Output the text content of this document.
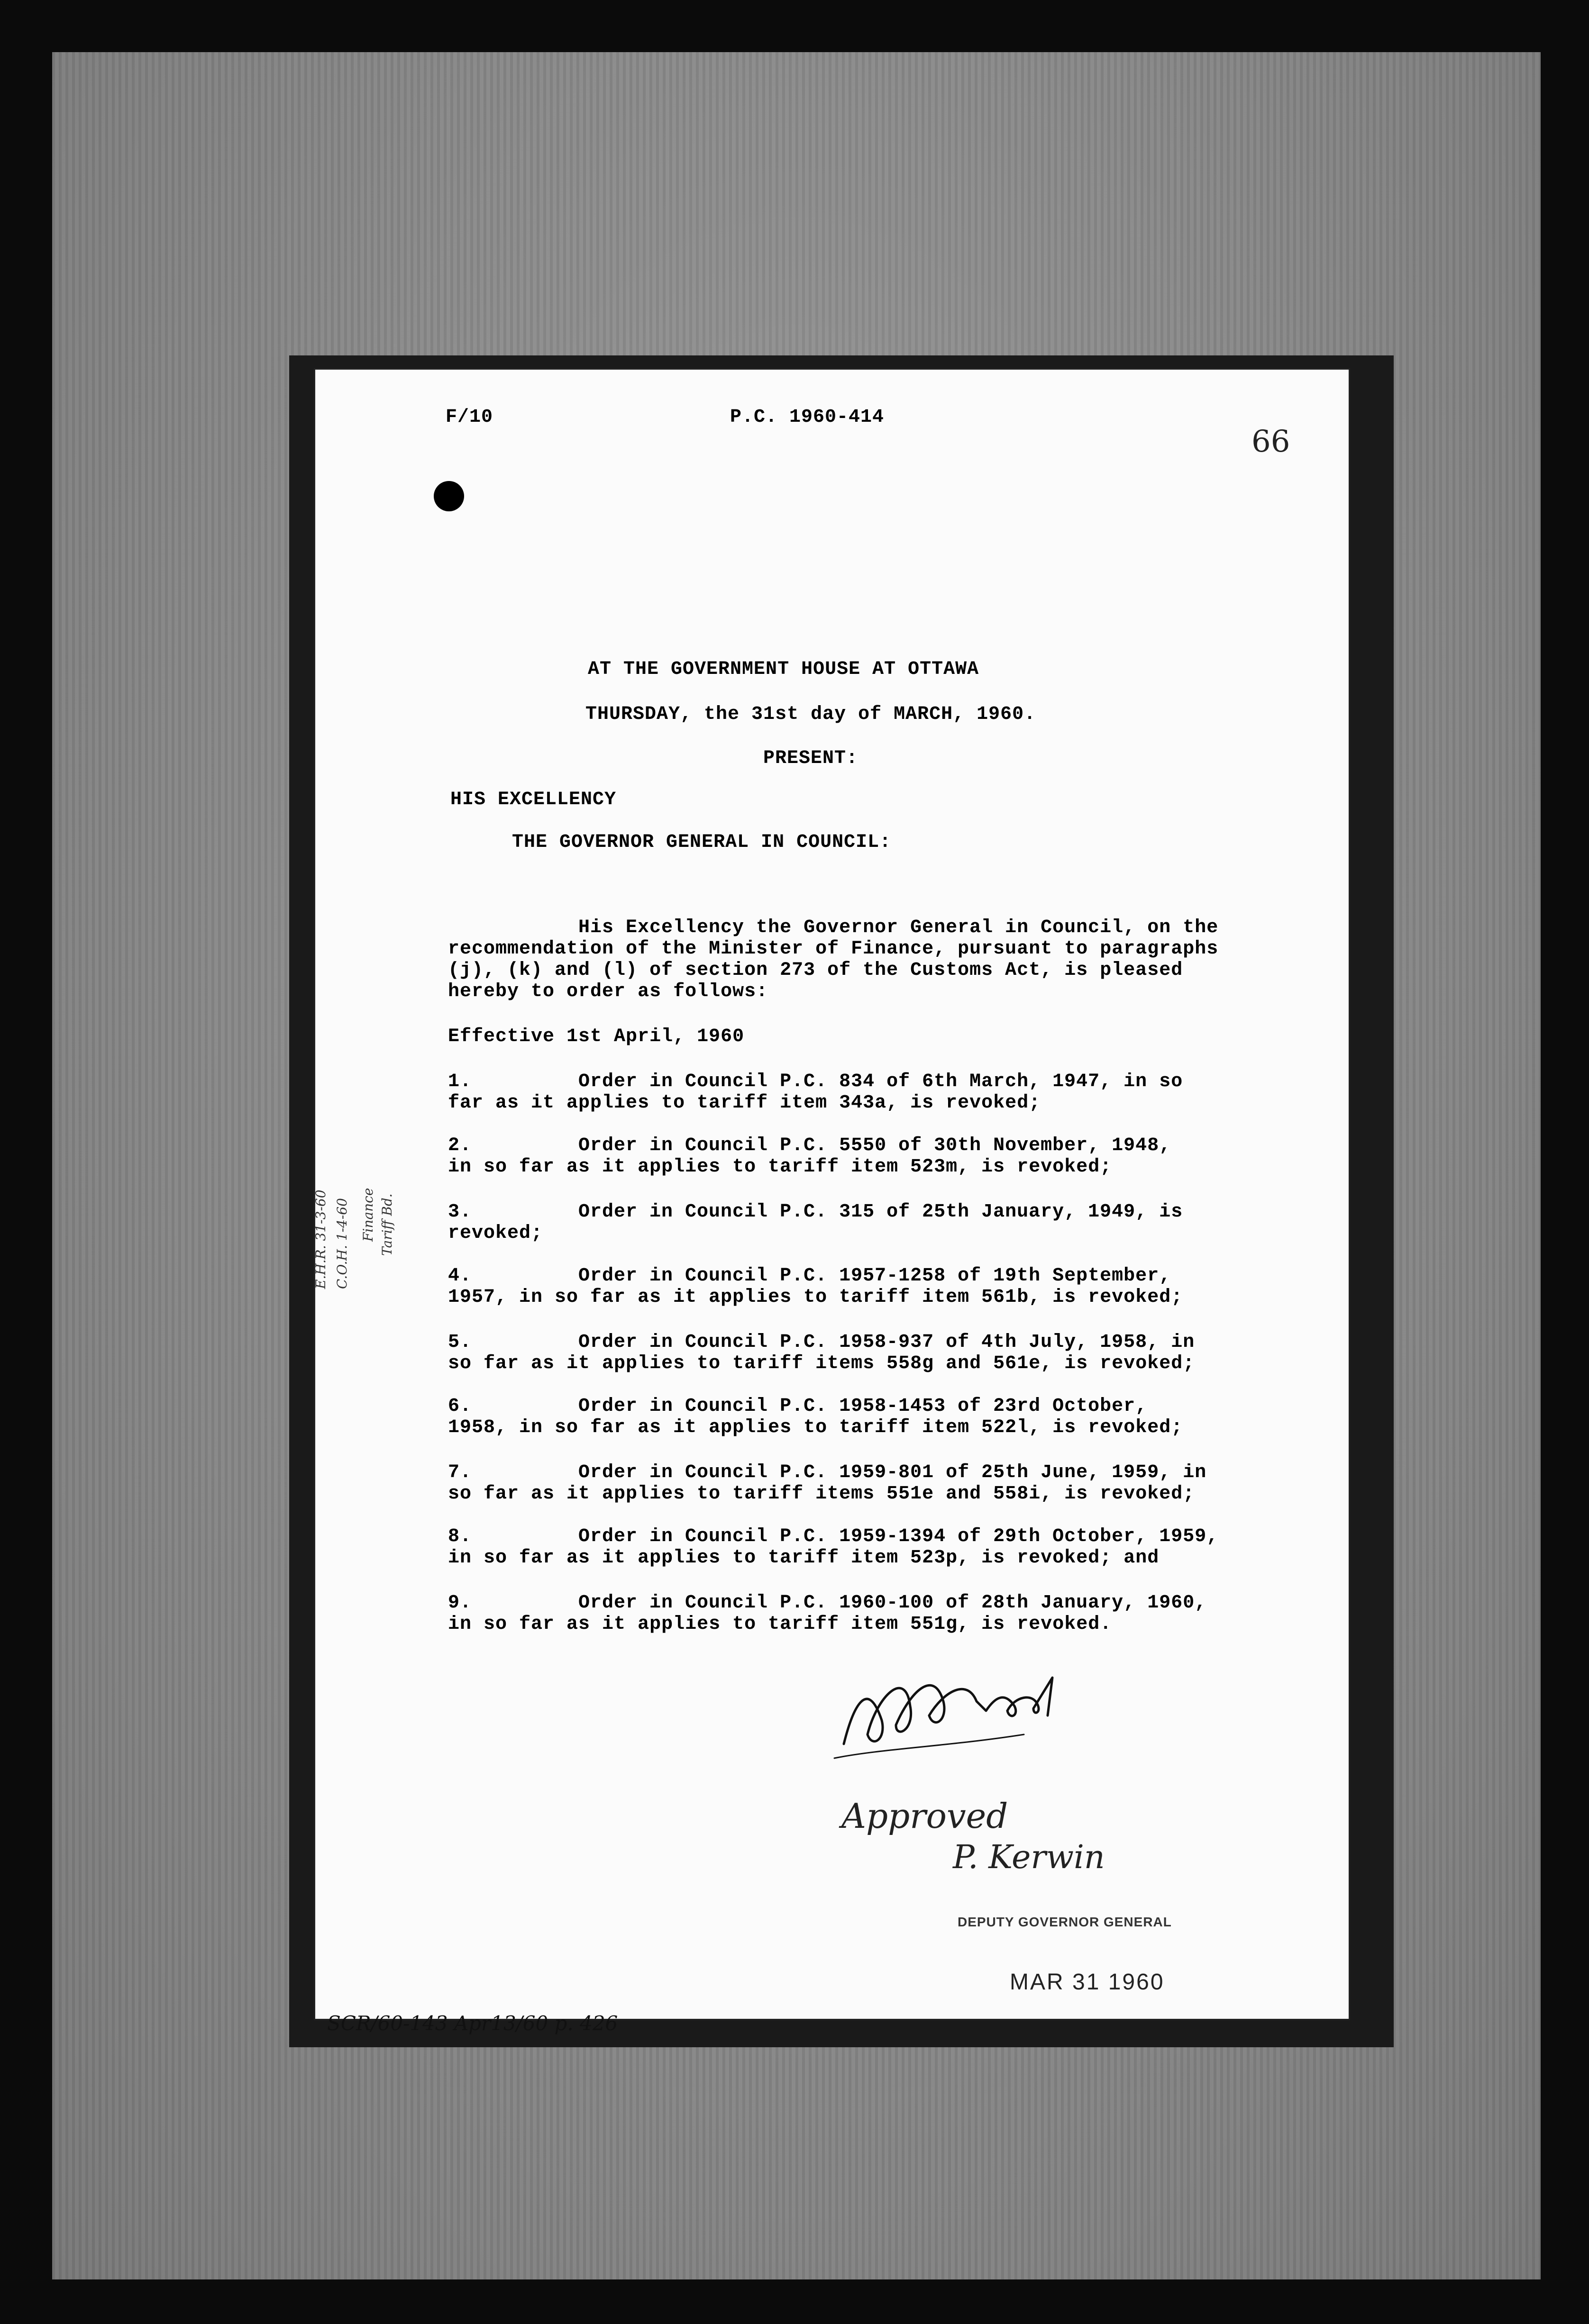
F/10	P.C. 1960-414
66
AT THE GOVERNMENT HOUSE AT OTTAWA
THURSDAY, the 31st day of MARCH, 1960.
PRESENT:
HIS EXCELLENCY
THE GOVERNOR GENERAL IN COUNCIL:
His Excellency the Governor General in Council, on the
recommendation of the Minister of Finance, pursuant to paragraphs
(j), (k) and (l) of section 273 of the Customs Act, is pleased
hereby to order as follows:
Effective 1st April, 1960
1.	Order in Council P.C. 834 of 6th March, 1947, in so
far as it applies to tariff item 343a, is revoked;
2.	Order in Council P.C. 5550 of 30th November, 1948,
in so far as it applies to tariff item 523m, is revoked;
3.	Order in Council P.C. 315 of 25th January, 1949, is
revoked;
4.	Order in Council P.C. 1957-1258 of 19th September,
1957, in so far as it applies to tariff item 561b, is revoked;
5.	Order in Council P.C. 1958-937 of 4th July, 1958, in
so far as it applies to tariff items 558g and 561e, is revoked;
6.	Order in Council P.C. 1958-1453 of 23rd October,
1958, in so far as it applies to tariff item 522l, is revoked;
7.	Order in Council P.C. 1959-801 of 25th June, 1959, in
so far as it applies to tariff items 551e and 558i, is revoked;
8.	Order in Council P.C. 1959-1394 of 29th October, 1959,
in so far as it applies to tariff item 523p, is revoked; and
9.	Order in Council P.C. 1960-100 of 28th January, 1960,
in so far as it applies to tariff item 551g, is revoked.
E.H.R. 31-3-60 C.O.H. 1-4-60 Finance Tariff Bd.
Approved
P. Kerwin
DEPUTY GOVERNOR GENERAL
MAR 31 1960
SCR/60-143 Apr13/60 p. 426
